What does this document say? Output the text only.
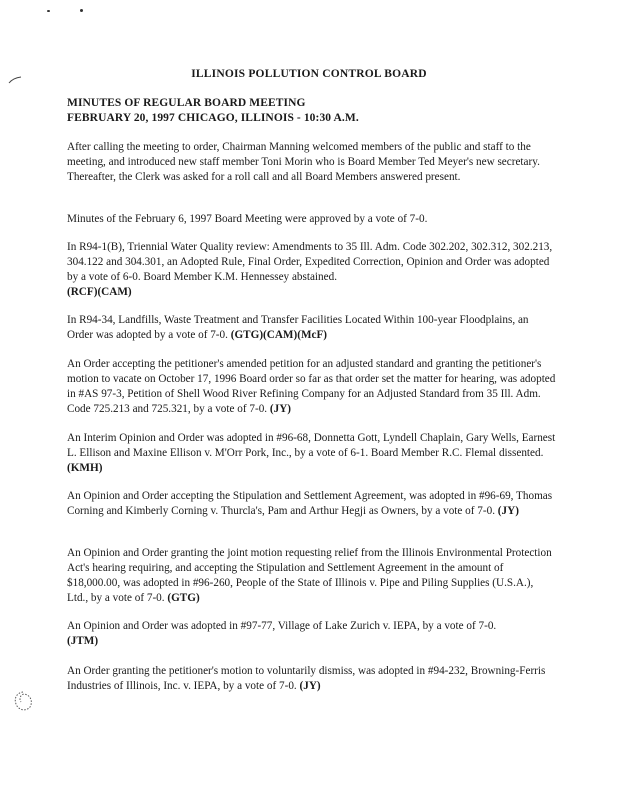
ILLINOIS POLLUTION CONTROL BOARD
MINUTES OF REGULAR BOARD MEETING
FEBRUARY 20, 1997 CHICAGO, ILLINOIS - 10:30 A.M.

After calling the meeting to order, Chairman Manning welcomed members of the public and staff to the meeting, and introduced new staff member Toni Morin who is Board Member Ted Meyer's new secretary. Thereafter, the Clerk was asked for a roll call and all Board Members answered present.

Minutes of the February 6, 1997 Board Meeting were approved by a vote of 7-0.

In R94-1(B), Triennial Water Quality review: Amendments to 35 Ill. Adm. Code 302.202, 302.312, 302.213, 304.122 and 304.301, an Adopted Rule, Final Order, Expedited Correction, Opinion and Order was adopted by a vote of 6-0. Board Member K.M. Hennessey abstained.
(RCF)(CAM)

In R94-34, Landfills, Waste Treatment and Transfer Facilities Located Within 100-year Floodplains, an Order was adopted by a vote of 7-0. (GTG)(CAM)(McF)

An Order accepting the petitioner's amended petition for an adjusted standard and granting the petitioner's motion to vacate on October 17, 1996 Board order so far as that order set the matter for hearing, was adopted in #AS 97-3, Petition of Shell Wood River Refining Company for an Adjusted Standard from 35 Ill. Adm. Code 725.213 and 725.321, by a vote of 7-0. (JY)

An Interim Opinion and Order was adopted in #96-68, Donnetta Gott, Lyndell Chaplain, Gary Wells, Earnest L. Ellison and Maxine Ellison v. M'Orr Pork, Inc., by a vote of 6-1. Board Member R.C. Flemal dissented. (KMH)

An Opinion and Order accepting the Stipulation and Settlement Agreement, was adopted in #96-69, Thomas Corning and Kimberly Corning v. Thurcla's, Pam and Arthur Hegji as Owners, by a vote of 7-0. (JY)

An Opinion and Order granting the joint motion requesting relief from the Illinois Environmental Protection Act's hearing requiring, and accepting the Stipulation and Settlement Agreement in the amount of $18,000.00, was adopted in #96-260, People of the State of Illinois v. Pipe and Piling Supplies (U.S.A.), Ltd., by a vote of 7-0. (GTG)

An Opinion and Order was adopted in #97-77, Village of Lake Zurich v. IEPA, by a vote of 7-0.
(JTM)

An Order granting the petitioner's motion to voluntarily dismiss, was adopted in #94-232, Browning-Ferris Industries of Illinois, Inc. v. IEPA, by a vote of 7-0. (JY)
